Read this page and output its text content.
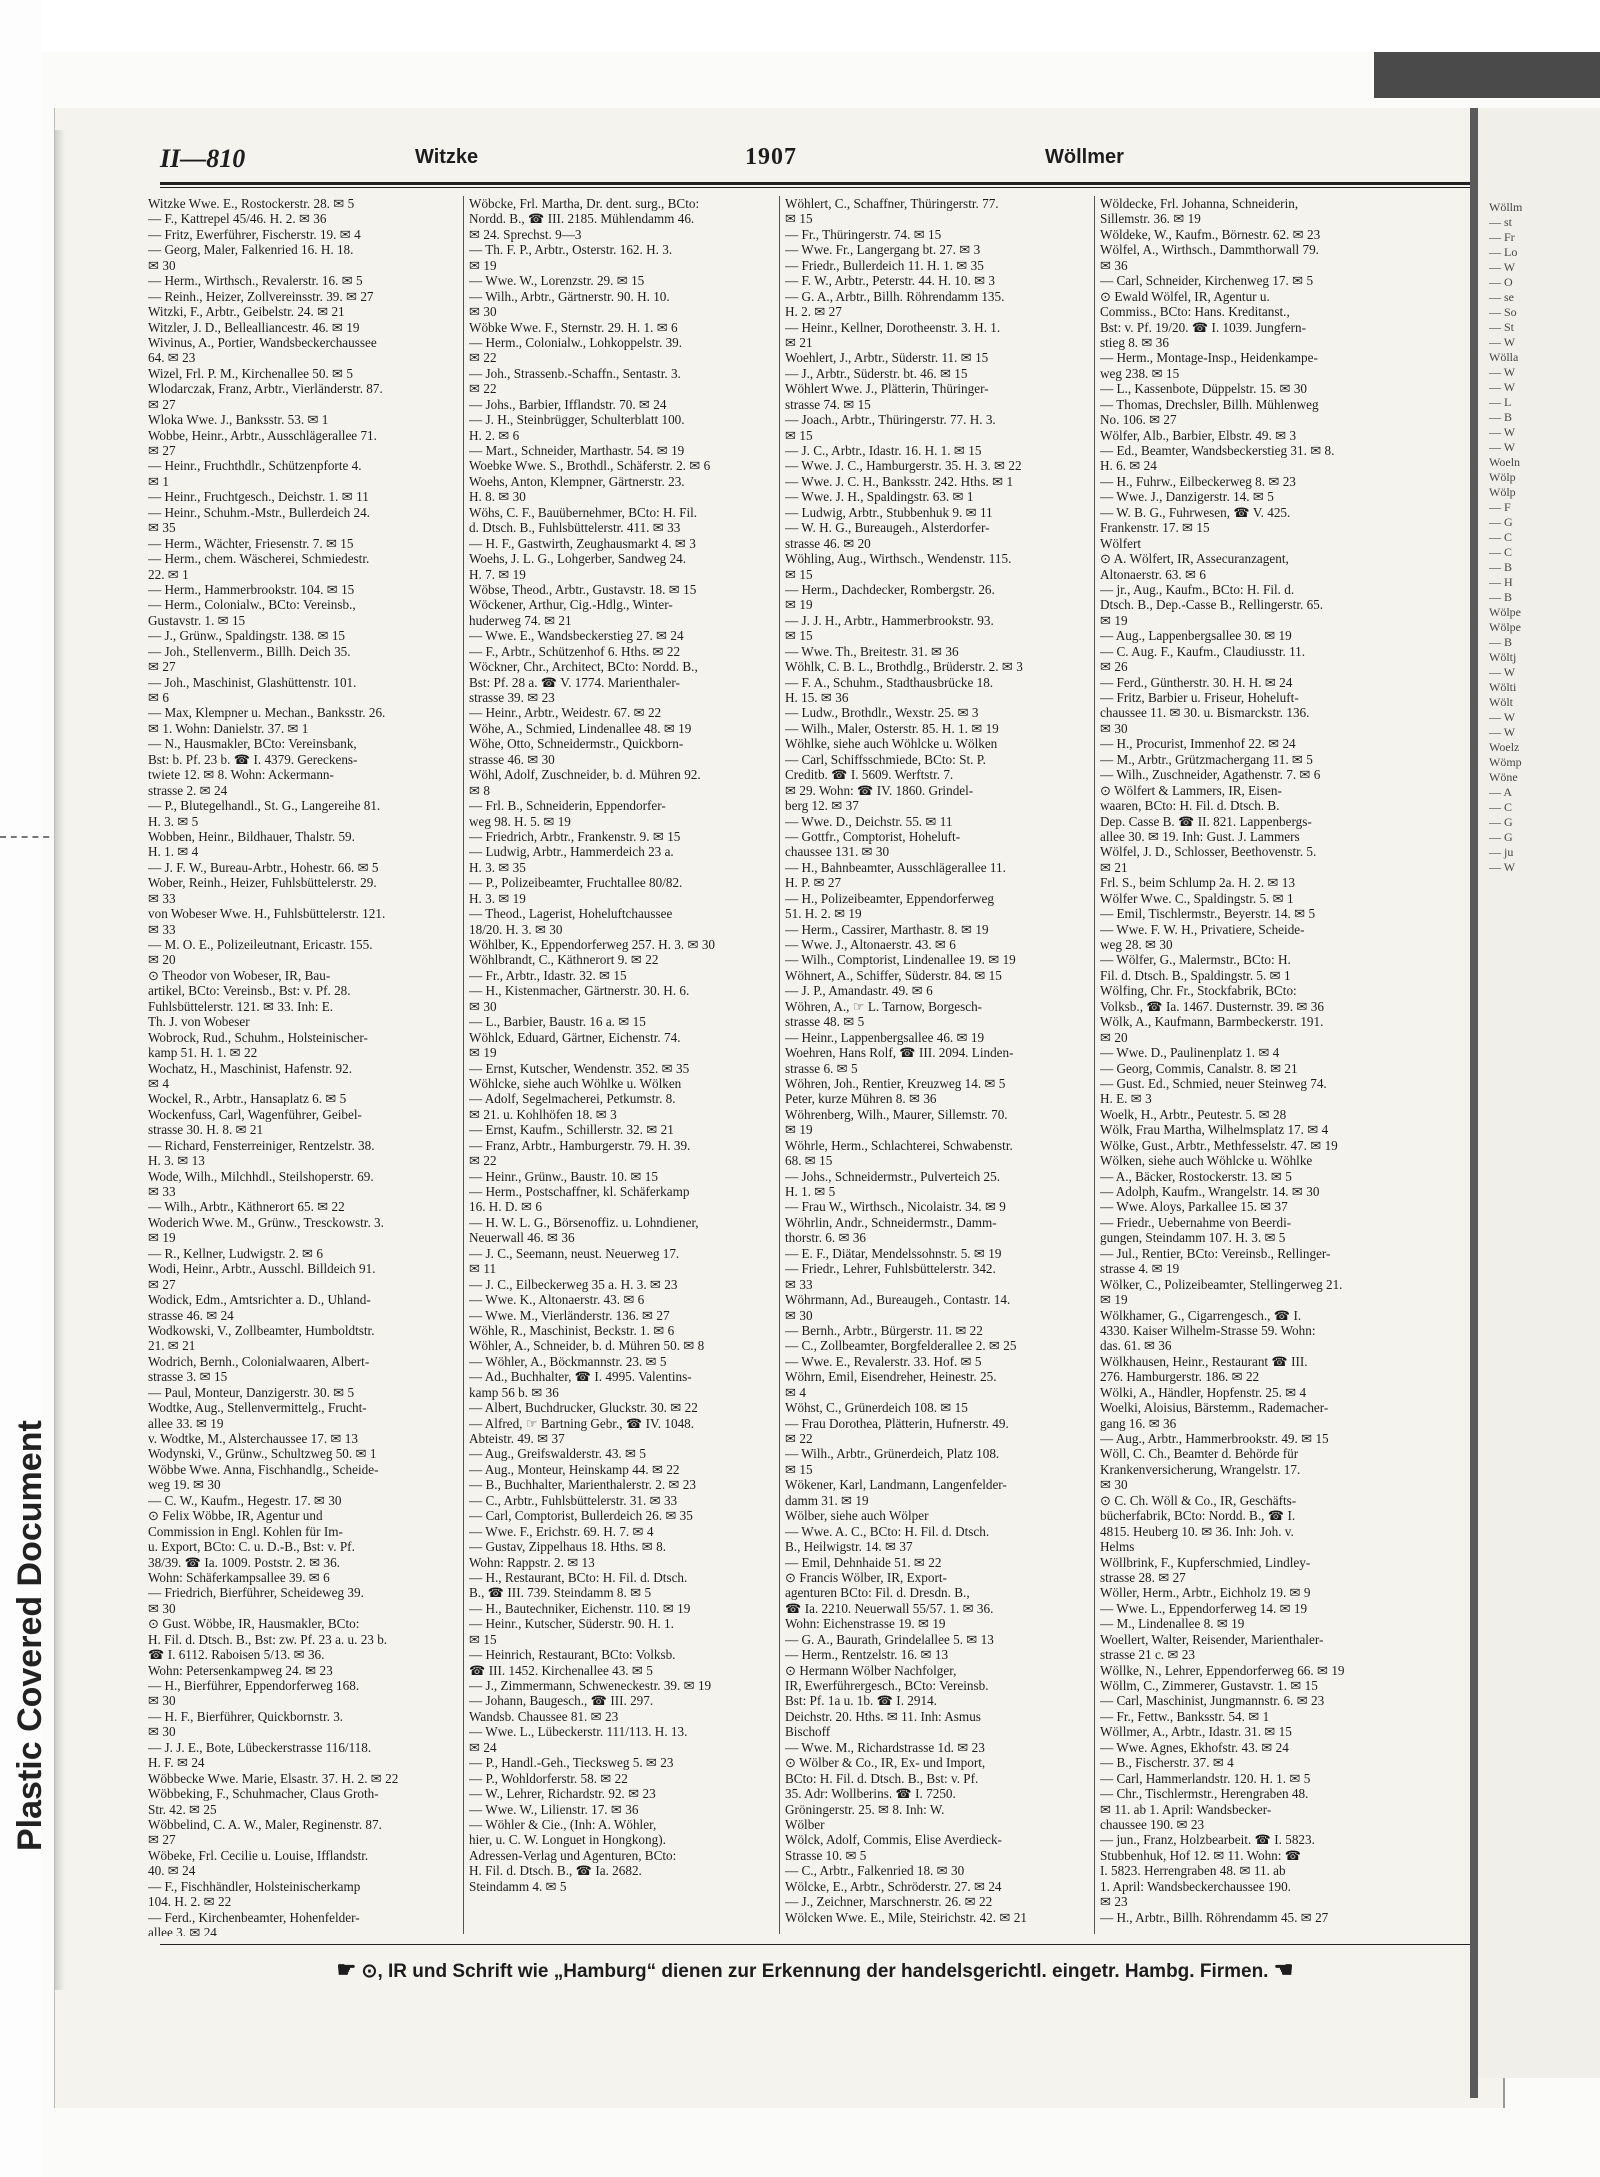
Plastic Covered Document
Wöllm
— st
— Fr
— Lo
— W
— O
— se
— So
— St
— W
Wölla
— W
— W
— L
— B
— W
— W
Woeln
Wölp
Wölp
— F
— G
— C
— C
— B
— H
— B
Wölpe
Wölpe
— B
Wöltj
— W
Wölti
Wölt
— W
— W
Woelz
Wömp
Wöne
— A
— C
— G
— G
— ju
— W
II—810	Witzke	1907	Wöllmer
Witzke Wwe. E., Rostockerstr. 28. ✉ 5
— F., Kattrepel 45/46. H. 2. ✉ 36
— Fritz, Ewerführer, Fischerstr. 19. ✉ 4
— Georg, Maler, Falkenried 16. H. 18.
✉ 30
— Herm., Wirthsch., Revalerstr. 16. ✉ 5
— Reinh., Heizer, Zollvereinsstr. 39. ✉ 27
Witzki, F., Arbtr., Geibelstr. 24. ✉ 21
Witzler, J. D., Bellealliancestr. 46. ✉ 19
Wivinus, A., Portier, Wandsbeckerchaussee
64. ✉ 23
Wizel, Frl. P. M., Kirchenallee 50. ✉ 5
Wlodarczak, Franz, Arbtr., Vierländerstr. 87.
✉ 27
Wloka Wwe. J., Banksstr. 53. ✉ 1
Wobbe, Heinr., Arbtr., Ausschlägerallee 71.
✉ 27
— Heinr., Fruchthdlr., Schützenpforte 4.
✉ 1
— Heinr., Fruchtgesch., Deichstr. 1. ✉ 11
— Heinr., Schuhm.-Mstr., Bullerdeich 24.
✉ 35
— Herm., Wächter, Friesenstr. 7. ✉ 15
— Herm., chem. Wäscherei, Schmiedestr.
22. ✉ 1
— Herm., Hammerbrookstr. 104. ✉ 15
— Herm., Colonialw., BCto: Vereinsb.,
Gustavstr. 1. ✉ 15
— J., Grünw., Spaldingstr. 138. ✉ 15
— Joh., Stellenverm., Billh. Deich 35.
✉ 27
— Joh., Maschinist, Glashüttenstr. 101.
✉ 6
— Max, Klempner u. Mechan., Banksstr. 26.
✉ 1. Wohn: Danielstr. 37. ✉ 1
— N., Hausmakler, BCto: Vereinsbank,
Bst: b. Pf. 23 b. ☎ I. 4379. Gereckens-
twiete 12. ✉ 8. Wohn: Ackermann-
strasse 2. ✉ 24
— P., Blutegelhandl., St. G., Langereihe 81.
H. 3. ✉ 5
Wobben, Heinr., Bildhauer, Thalstr. 59.
H. 1. ✉ 4
— J. F. W., Bureau-Arbtr., Hohestr. 66. ✉ 5
Wober, Reinh., Heizer, Fuhlsbüttelerstr. 29.
✉ 33
von Wobeser Wwe. H., Fuhlsbüttelerstr. 121.
✉ 33
— M. O. E., Polizeileutnant, Ericastr. 155.
✉ 20
⊙ Theodor von Wobeser, IR, Bau-
artikel, BCto: Vereinsb., Bst: v. Pf. 28.
Fuhlsbüttelerstr. 121. ✉ 33. Inh: E.
Th. J. von Wobeser
Wobrock, Rud., Schuhm., Holsteinischer-
kamp 51. H. 1. ✉ 22
Wochatz, H., Maschinist, Hafenstr. 92.
✉ 4
Wockel, R., Arbtr., Hansaplatz 6. ✉ 5
Wockenfuss, Carl, Wagenführer, Geibel-
strasse 30. H. 8. ✉ 21
— Richard, Fensterreiniger, Rentzelstr. 38.
H. 3. ✉ 13
Wode, Wilh., Milchhdl., Steilshoperstr. 69.
✉ 33
— Wilh., Arbtr., Käthnerort 65. ✉ 22
Woderich Wwe. M., Grünw., Tresckowstr. 3.
✉ 19
— R., Kellner, Ludwigstr. 2. ✉ 6
Wodi, Heinr., Arbtr., Ausschl. Billdeich 91.
✉ 27
Wodick, Edm., Amtsrichter a. D., Uhland-
strasse 46. ✉ 24
Wodkowski, V., Zollbeamter, Humboldtstr.
21. ✉ 21
Wodrich, Bernh., Colonialwaaren, Albert-
strasse 3. ✉ 15
— Paul, Monteur, Danzigerstr. 30. ✉ 5
Wodtke, Aug., Stellenvermittelg., Frucht-
allee 33. ✉ 19
v. Wodtke, M., Alsterchaussee 17. ✉ 13
Wodynski, V., Grünw., Schultzweg 50. ✉ 1
Wöbbe Wwe. Anna, Fischhandlg., Scheide-
weg 19. ✉ 30
— C. W., Kaufm., Hegestr. 17. ✉ 30
⊙ Felix Wöbbe, IR, Agentur und
Commission in Engl. Kohlen für Im-
u. Export, BCto: C. u. D.-B., Bst: v. Pf.
38/39. ☎ Ia. 1009. Poststr. 2. ✉ 36.
Wohn: Schäferkampsallee 39. ✉ 6
— Friedrich, Bierführer, Scheideweg 39.
✉ 30
⊙ Gust. Wöbbe, IR, Hausmakler, BCto:
H. Fil. d. Dtsch. B., Bst: zw. Pf. 23 a. u. 23 b.
☎ I. 6112. Raboisen 5/13. ✉ 36.
Wohn: Petersenkampweg 24. ✉ 23
— H., Bierführer, Eppendorferweg 168.
✉ 30
— H. F., Bierführer, Quickbornstr. 3.
✉ 30
— J. J. E., Bote, Lübeckerstrasse 116/118.
H. F. ✉ 24
Wöbbecke Wwe. Marie, Elsastr. 37. H. 2. ✉ 22
Wöbbeking, F., Schuhmacher, Claus Groth-
Str. 42. ✉ 25
Wöbbelind, C. A. W., Maler, Reginenstr. 87.
✉ 27
Wöbeke, Frl. Cecilie u. Louise, Ifflandstr.
40. ✉ 24
— F., Fischhändler, Holsteinischerkamp
104. H. 2. ✉ 22
— Ferd., Kirchenbeamter, Hohenfelder-
allee 3. ✉ 24
Wöbcke, Frl. Martha, Dr. dent. surg., BCto:
Nordd. B., ☎ III. 2185. Mühlendamm 46.
✉ 24. Sprechst. 9—3
— Th. F. P., Arbtr., Osterstr. 162. H. 3.
✉ 19
— Wwe. W., Lorenzstr. 29. ✉ 15
— Wilh., Arbtr., Gärtnerstr. 90. H. 10.
✉ 30
Wöbke Wwe. F., Sternstr. 29. H. 1. ✉ 6
— Herm., Colonialw., Lohkoppelstr. 39.
✉ 22
— Joh., Strassenb.-Schaffn., Sentastr. 3.
✉ 22
— Johs., Barbier, Ifflandstr. 70. ✉ 24
— J. H., Steinbrügger, Schulterblatt 100.
H. 2. ✉ 6
— Mart., Schneider, Marthastr. 54. ✉ 19
Woebke Wwe. S., Brothdl., Schäferstr. 2. ✉ 6
Woehs, Anton, Klempner, Gärtnerstr. 23.
H. 8. ✉ 30
Wöhs, C. F., Bauübernehmer, BCto: H. Fil.
d. Dtsch. B., Fuhlsbüttelerstr. 411. ✉ 33
— H. F., Gastwirth, Zeughausmarkt 4. ✉ 3
Woehs, J. L. G., Lohgerber, Sandweg 24.
H. 7. ✉ 19
Wöbse, Theod., Arbtr., Gustavstr. 18. ✉ 15
Wöckener, Arthur, Cig.-Hdlg., Winter-
huderweg 74. ✉ 21
— Wwe. E., Wandsbeckerstieg 27. ✉ 24
— F., Arbtr., Schützenhof 6. Hths. ✉ 22
Wöckner, Chr., Architect, BCto: Nordd. B.,
Bst: Pf. 28 a. ☎ V. 1774. Marienthaler-
strasse 39. ✉ 23
— Heinr., Arbtr., Weidestr. 67. ✉ 22
Wöhe, A., Schmied, Lindenallee 48. ✉ 19
Wöhe, Otto, Schneidermstr., Quickborn-
strasse 46. ✉ 30
Wöhl, Adolf, Zuschneider, b. d. Mühren 92.
✉ 8
— Frl. B., Schneiderin, Eppendorfer-
weg 98. H. 5. ✉ 19
— Friedrich, Arbtr., Frankenstr. 9. ✉ 15
— Ludwig, Arbtr., Hammerdeich 23 a.
H. 3. ✉ 35
— P., Polizeibeamter, Fruchtallee 80/82.
H. 3. ✉ 19
— Theod., Lagerist, Hoheluftchaussee
18/20. H. 3. ✉ 30
Wöhlber, K., Eppendorferweg 257. H. 3. ✉ 30
Wöhlbrandt, C., Käthnerort 9. ✉ 22
— Fr., Arbtr., Idastr. 32. ✉ 15
— H., Kistenmacher, Gärtnerstr. 30. H. 6.
✉ 30
— L., Barbier, Baustr. 16 a. ✉ 15
Wöhlck, Eduard, Gärtner, Eichenstr. 74.
✉ 19
— Ernst, Kutscher, Wendenstr. 352. ✉ 35
Wöhlcke, siehe auch Wöhlke u. Wölken
— Adolf, Segelmacherei, Petkumstr. 8.
✉ 21. u. Kohlhöfen 18. ✉ 3
— Ernst, Kaufm., Schillerstr. 32. ✉ 21
— Franz, Arbtr., Hamburgerstr. 79. H. 39.
✉ 22
— Heinr., Grünw., Baustr. 10. ✉ 15
— Herm., Postschaffner, kl. Schäferkamp
16. H. D. ✉ 6
— H. W. L. G., Börsenoffiz. u. Lohndiener,
Neuerwall 46. ✉ 36
— J. C., Seemann, neust. Neuerweg 17.
✉ 11
— J. C., Eilbeckerweg 35 a. H. 3. ✉ 23
— Wwe. K., Altonaerstr. 43. ✉ 6
— Wwe. M., Vierländerstr. 136. ✉ 27
Wöhle, R., Maschinist, Beckstr. 1. ✉ 6
Wöhler, A., Schneider, b. d. Mühren 50. ✉ 8
— Wöhler, A., Böckmannstr. 23. ✉ 5
— Ad., Buchhalter, ☎ I. 4995. Valentins-
kamp 56 b. ✉ 36
— Albert, Buchdrucker, Gluckstr. 30. ✉ 22
— Alfred, ☞ Bartning Gebr., ☎ IV. 1048.
Abteistr. 49. ✉ 37
— Aug., Greifswalderstr. 43. ✉ 5
— Aug., Monteur, Heinskamp 44. ✉ 22
— B., Buchhalter, Marienthalerstr. 2. ✉ 23
— C., Arbtr., Fuhlsbüttelerstr. 31. ✉ 33
— Carl, Comptorist, Bullerdeich 26. ✉ 35
— Wwe. F., Erichstr. 69. H. 7. ✉ 4
— Gustav, Zippelhaus 18. Hths. ✉ 8.
Wohn: Rappstr. 2. ✉ 13
— H., Restaurant, BCto: H. Fil. d. Dtsch.
B., ☎ III. 739. Steindamm 8. ✉ 5
— H., Bautechniker, Eichenstr. 110. ✉ 19
— Heinr., Kutscher, Süderstr. 90. H. 1.
✉ 15
— Heinrich, Restaurant, BCto: Volksb.
☎ III. 1452. Kirchenallee 43. ✉ 5
— J., Zimmermann, Schweneckestr. 39. ✉ 19
— Johann, Baugesch., ☎ III. 297.
Wandsb. Chaussee 81. ✉ 23
— Wwe. L., Lübeckerstr. 111/113. H. 13.
✉ 24
— P., Handl.-Geh., Tiecksweg 5. ✉ 23
— P., Wohldorferstr. 58. ✉ 22
— W., Lehrer, Richardstr. 92. ✉ 23
— Wwe. W., Lilienstr. 17. ✉ 36
— Wöhler & Cie., (Inh: A. Wöhler,
hier, u. C. W. Longuet in Hongkong).
Adressen-Verlag und Agenturen, BCto:
H. Fil. d. Dtsch. B., ☎ Ia. 2682.
Steindamm 4. ✉ 5
Wöhlert, C., Schaffner, Thüringerstr. 77.
✉ 15
— Fr., Thüringerstr. 74. ✉ 15
— Wwe. Fr., Langergang bt. 27. ✉ 3
— Friedr., Bullerdeich 11. H. 1. ✉ 35
— F. W., Arbtr., Peterstr. 44. H. 10. ✉ 3
— G. A., Arbtr., Billh. Röhrendamm 135.
H. 2. ✉ 27
— Heinr., Kellner, Dorotheenstr. 3. H. 1.
✉ 21
Woehlert, J., Arbtr., Süderstr. 11. ✉ 15
— J., Arbtr., Süderstr. bt. 46. ✉ 15
Wöhlert Wwe. J., Plätterin, Thüringer-
strasse 74. ✉ 15
— Joach., Arbtr., Thüringerstr. 77. H. 3.
✉ 15
— J. C., Arbtr., Idastr. 16. H. 1. ✉ 15
— Wwe. J. C., Hamburgerstr. 35. H. 3. ✉ 22
— Wwe. J. C. H., Banksstr. 242. Hths. ✉ 1
— Wwe. J. H., Spaldingstr. 63. ✉ 1
— Ludwig, Arbtr., Stubbenhuk 9. ✉ 11
— W. H. G., Bureaugeh., Alsterdorfer-
strasse 46. ✉ 20
Wöhling, Aug., Wirthsch., Wendenstr. 115.
✉ 15
— Herm., Dachdecker, Rombergstr. 26.
✉ 19
— J. J. H., Arbtr., Hammerbrookstr. 93.
✉ 15
— Wwe. Th., Breitestr. 31. ✉ 36
Wöhlk, C. B. L., Brothdlg., Brüderstr. 2. ✉ 3
— F. A., Schuhm., Stadthausbrücke 18.
H. 15. ✉ 36
— Ludw., Brothdlr., Wexstr. 25. ✉ 3
— Wilh., Maler, Osterstr. 85. H. 1. ✉ 19
Wöhlke, siehe auch Wöhlcke u. Wölken
— Carl, Schiffsschmiede, BCto: St. P.
Creditb. ☎ I. 5609. Werftstr. 7.
✉ 29. Wohn: ☎ IV. 1860. Grindel-
berg 12. ✉ 37
— Wwe. D., Deichstr. 55. ✉ 11
— Gottfr., Comptorist, Hoheluft-
chaussee 131. ✉ 30
— H., Bahnbeamter, Ausschlägerallee 11.
H. P. ✉ 27
— H., Polizeibeamter, Eppendorferweg
51. H. 2. ✉ 19
— Herm., Cassirer, Marthastr. 8. ✉ 19
— Wwe. J., Altonaerstr. 43. ✉ 6
— Wilh., Comptorist, Lindenallee 19. ✉ 19
Wöhnert, A., Schiffer, Süderstr. 84. ✉ 15
— J. P., Amandastr. 49. ✉ 6
Wöhren, A., ☞ L. Tarnow, Borgesch-
strasse 48. ✉ 5
— Heinr., Lappenbergsallee 46. ✉ 19
Woehren, Hans Rolf, ☎ III. 2094. Linden-
strasse 6. ✉ 5
Wöhren, Joh., Rentier, Kreuzweg 14. ✉ 5
Peter, kurze Mühren 8. ✉ 36
Wöhrenberg, Wilh., Maurer, Sillemstr. 70.
✉ 19
Wöhrle, Herm., Schlachterei, Schwabenstr.
68. ✉ 15
— Johs., Schneidermstr., Pulverteich 25.
H. 1. ✉ 5
— Frau W., Wirthsch., Nicolaistr. 34. ✉ 9
Wöhrlin, Andr., Schneidermstr., Damm-
thorstr. 6. ✉ 36
— E. F., Diätar, Mendelssohnstr. 5. ✉ 19
— Friedr., Lehrer, Fuhlsbüttelerstr. 342.
✉ 33
Wöhrmann, Ad., Bureaugeh., Contastr. 14.
✉ 30
— Bernh., Arbtr., Bürgerstr. 11. ✉ 22
— C., Zollbeamter, Borgfelderallee 2. ✉ 25
— Wwe. E., Revalerstr. 33. Hof. ✉ 5
Wöhrn, Emil, Eisendreher, Heinestr. 25.
✉ 4
Wöhst, C., Grünerdeich 108. ✉ 15
— Frau Dorothea, Plätterin, Hufnerstr. 49.
✉ 22
— Wilh., Arbtr., Grünerdeich, Platz 108.
✉ 15
Wökener, Karl, Landmann, Langenfelder-
damm 31. ✉ 19
Wölber, siehe auch Wölper
— Wwe. A. C., BCto: H. Fil. d. Dtsch.
B., Heilwigstr. 14. ✉ 37
— Emil, Dehnhaide 51. ✉ 22
⊙ Francis Wölber, IR, Export-
agenturen BCto: Fil. d. Dresdn. B.,
☎ Ia. 2210. Neuerwall 55/57. 1. ✉ 36.
Wohn: Eichenstrasse 19. ✉ 19
— G. A., Baurath, Grindelallee 5. ✉ 13
— Herm., Rentzelstr. 16. ✉ 13
⊙ Hermann Wölber Nachfolger,
IR, Ewerführergesch., BCto: Vereinsb.
Bst: Pf. 1a u. 1b. ☎ I. 2914.
Deichstr. 20. Hths. ✉ 11. Inh: Asmus
Bischoff
— Wwe. M., Richardstrasse 1d. ✉ 23
⊙ Wölber & Co., IR, Ex- und Import,
BCto: H. Fil. d. Dtsch. B., Bst: v. Pf.
35. Adr: Wollberins. ☎ I. 7250.
Gröningerstr. 25. ✉ 8. Inh: W.
Wölber
Wölck, Adolf, Commis, Elise Averdieck-
Strasse 10. ✉ 5
— C., Arbtr., Falkenried 18. ✉ 30
Wölcke, E., Arbtr., Schröderstr. 27. ✉ 24
— J., Zeichner, Marschnerstr. 26. ✉ 22
Wölcken Wwe. E., Mile, Steirichstr. 42. ✉ 21
Wöldecke, Frl. Johanna, Schneiderin,
Sillemstr. 36. ✉ 19
Wöldeke, W., Kaufm., Börnestr. 62. ✉ 23
Wölfel, A., Wirthsch., Dammthorwall 79.
✉ 36
— Carl, Schneider, Kirchenweg 17. ✉ 5
⊙ Ewald Wölfel, IR, Agentur u.
Commiss., BCto: Hans. Kreditanst.,
Bst: v. Pf. 19/20. ☎ I. 1039. Jungfern-
stieg 8. ✉ 36
— Herm., Montage-Insp., Heidenkampe-
weg 238. ✉ 15
— L., Kassenbote, Düppelstr. 15. ✉ 30
— Thomas, Drechsler, Billh. Mühlenweg
No. 106. ✉ 27
Wölfer, Alb., Barbier, Elbstr. 49. ✉ 3
— Ed., Beamter, Wandsbeckerstieg 31. ✉ 8.
H. 6. ✉ 24
— H., Fuhrw., Eilbeckerweg 8. ✉ 23
— Wwe. J., Danzigerstr. 14. ✉ 5
— W. B. G., Fuhrwesen, ☎ V. 425.
Frankenstr. 17. ✉ 15
Wölfert
⊙ A. Wölfert, IR, Assecuranzagent,
Altonaerstr. 63. ✉ 6
— jr., Aug., Kaufm., BCto: H. Fil. d.
Dtsch. B., Dep.-Casse B., Rellingerstr. 65.
✉ 19
— Aug., Lappenbergsallee 30. ✉ 19
— C. Aug. F., Kaufm., Claudiusstr. 11.
✉ 26
— Ferd., Güntherstr. 30. H. H. ✉ 24
— Fritz, Barbier u. Friseur, Hoheluft-
chaussee 11. ✉ 30. u. Bismarckstr. 136.
✉ 30
— H., Procurist, Immenhof 22. ✉ 24
— M., Arbtr., Grützmachergang 11. ✉ 5
— Wilh., Zuschneider, Agathenstr. 7. ✉ 6
⊙ Wölfert & Lammers, IR, Eisen-
waaren, BCto: H. Fil. d. Dtsch. B.
Dep. Casse B. ☎ II. 821. Lappenbergs-
allee 30. ✉ 19. Inh: Gust. J. Lammers
Wölfel, J. D., Schlosser, Beethovenstr. 5.
✉ 21
Frl. S., beim Schlump 2a. H. 2. ✉ 13
Wölfer Wwe. C., Spaldingstr. 5. ✉ 1
— Emil, Tischlermstr., Beyerstr. 14. ✉ 5
— Wwe. F. W. H., Privatiere, Scheide-
weg 28. ✉ 30
— Wölfer, G., Malermstr., BCto: H.
Fil. d. Dtsch. B., Spaldingstr. 5. ✉ 1
Wölfing, Chr. Fr., Stockfabrik, BCto:
Volksb., ☎ Ia. 1467. Dusternstr. 39. ✉ 36
Wölk, A., Kaufmann, Barmbeckerstr. 191.
✉ 20
— Wwe. D., Paulinenplatz 1. ✉ 4
— Georg, Commis, Canalstr. 8. ✉ 21
— Gust. Ed., Schmied, neuer Steinweg 74.
H. E. ✉ 3
Woelk, H., Arbtr., Peutestr. 5. ✉ 28
Wölk, Frau Martha, Wilhelmsplatz 17. ✉ 4
Wölke, Gust., Arbtr., Methfesselstr. 47. ✉ 19
Wölken, siehe auch Wöhlcke u. Wöhlke
— A., Bäcker, Rostockerstr. 13. ✉ 5
— Adolph, Kaufm., Wrangelstr. 14. ✉ 30
— Wwe. Aloys, Parkallee 15. ✉ 37
— Friedr., Uebernahme von Beerdi-
gungen, Steindamm 107. H. 3. ✉ 5
— Jul., Rentier, BCto: Vereinsb., Rellinger-
strasse 4. ✉ 19
Wölker, C., Polizeibeamter, Stellingerweg 21.
✉ 19
Wölkhamer, G., Cigarrengesch., ☎ I.
4330. Kaiser Wilhelm-Strasse 59. Wohn:
das. 61. ✉ 36
Wölkhausen, Heinr., Restaurant ☎ III.
276. Hamburgerstr. 186. ✉ 22
Wölki, A., Händler, Hopfenstr. 25. ✉ 4
Woelki, Aloisius, Bärstemm., Rademacher-
gang 16. ✉ 36
— Aug., Arbtr., Hammerbrookstr. 49. ✉ 15
Wöll, C. Ch., Beamter d. Behörde für
Krankenversicherung, Wrangelstr. 17.
✉ 30
⊙ C. Ch. Wöll & Co., IR, Geschäfts-
bücherfabrik, BCto: Nordd. B., ☎ I.
4815. Heuberg 10. ✉ 36. Inh: Joh. v.
Helms
Wöllbrink, F., Kupferschmied, Lindley-
strasse 28. ✉ 27
Wöller, Herm., Arbtr., Eichholz 19. ✉ 9
— Wwe. L., Eppendorferweg 14. ✉ 19
— M., Lindenallee 8. ✉ 19
Woellert, Walter, Reisender, Marienthaler-
strasse 21 c. ✉ 23
Wöllke, N., Lehrer, Eppendorferweg 66. ✉ 19
Wöllm, C., Zimmerer, Gustavstr. 1. ✉ 15
— Carl, Maschinist, Jungmannstr. 6. ✉ 23
— Fr., Fettw., Banksstr. 54. ✉ 1
Wöllmer, A., Arbtr., Idastr. 31. ✉ 15
— Wwe. Agnes, Ekhofstr. 43. ✉ 24
— B., Fischerstr. 37. ✉ 4
— Carl, Hammerlandstr. 120. H. 1. ✉ 5
— Chr., Tischlermstr., Herengraben 48.
✉ 11. ab 1. April: Wandsbecker-
chaussee 190. ✉ 23
— jun., Franz, Holzbearbeit. ☎ I. 5823.
Stubbenhuk, Hof 12. ✉ 11. Wohn: ☎
I. 5823. Herrengraben 48. ✉ 11. ab
1. April: Wandsbeckerchaussee 190.
✉ 23
— H., Arbtr., Billh. Röhrendamm 45. ✉ 27
☛ ⊙, IR und Schrift wie „Hamburg“ dienen zur Erkennung der handelsgerichtl. eingetr. Hambg. Firmen. ☚
